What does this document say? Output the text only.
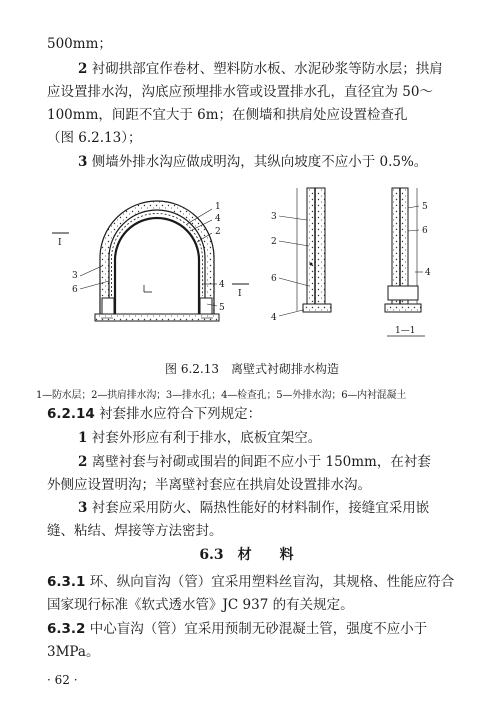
500mm；
2 衬砌拱部宜作卷材、塑料防水板、水泥砂浆等防水层；拱肩
应设置排水沟，沟底应预埋排水管或设置排水孔，直径宜为 50～
100mm，间距不宜大于 6m；在侧墙和拱肩处应设置检查孔
（图 6.2.13）；
3 侧墙外排水沟应做成明沟，其纵向坡度不应小于 0.5%。
Ⅰ
Ⅰ
1
4
2
3
6	4
5
3
2
6
4
5
6
4
1—1
图 6.2.13　离壁式衬砌排水构造
1—防水层；2—拱肩排水沟；3—排水孔；4—检查孔；5—外排水沟；6—内衬混凝土
6.2.14 衬套排水应符合下列规定：
1 衬套外形应有利于排水，底板宜架空。
2 离壁衬套与衬砌或围岩的间距不应小于 150mm，在衬套
外侧应设置明沟；半离壁衬套应在拱肩处设置排水沟。
3 衬套应采用防火、隔热性能好的材料制作，接缝宜采用嵌
缝、粘结、焊接等方法密封。
6.3　材　　料
6.3.1 环、纵向盲沟（管）宜采用塑料丝盲沟，其规格、性能应符合
国家现行标准《软式透水管》JC 937 的有关规定。
6.3.2 中心盲沟（管）宜采用预制无砂混凝土管，强度不应小于
3MPa。
· 62 ·
